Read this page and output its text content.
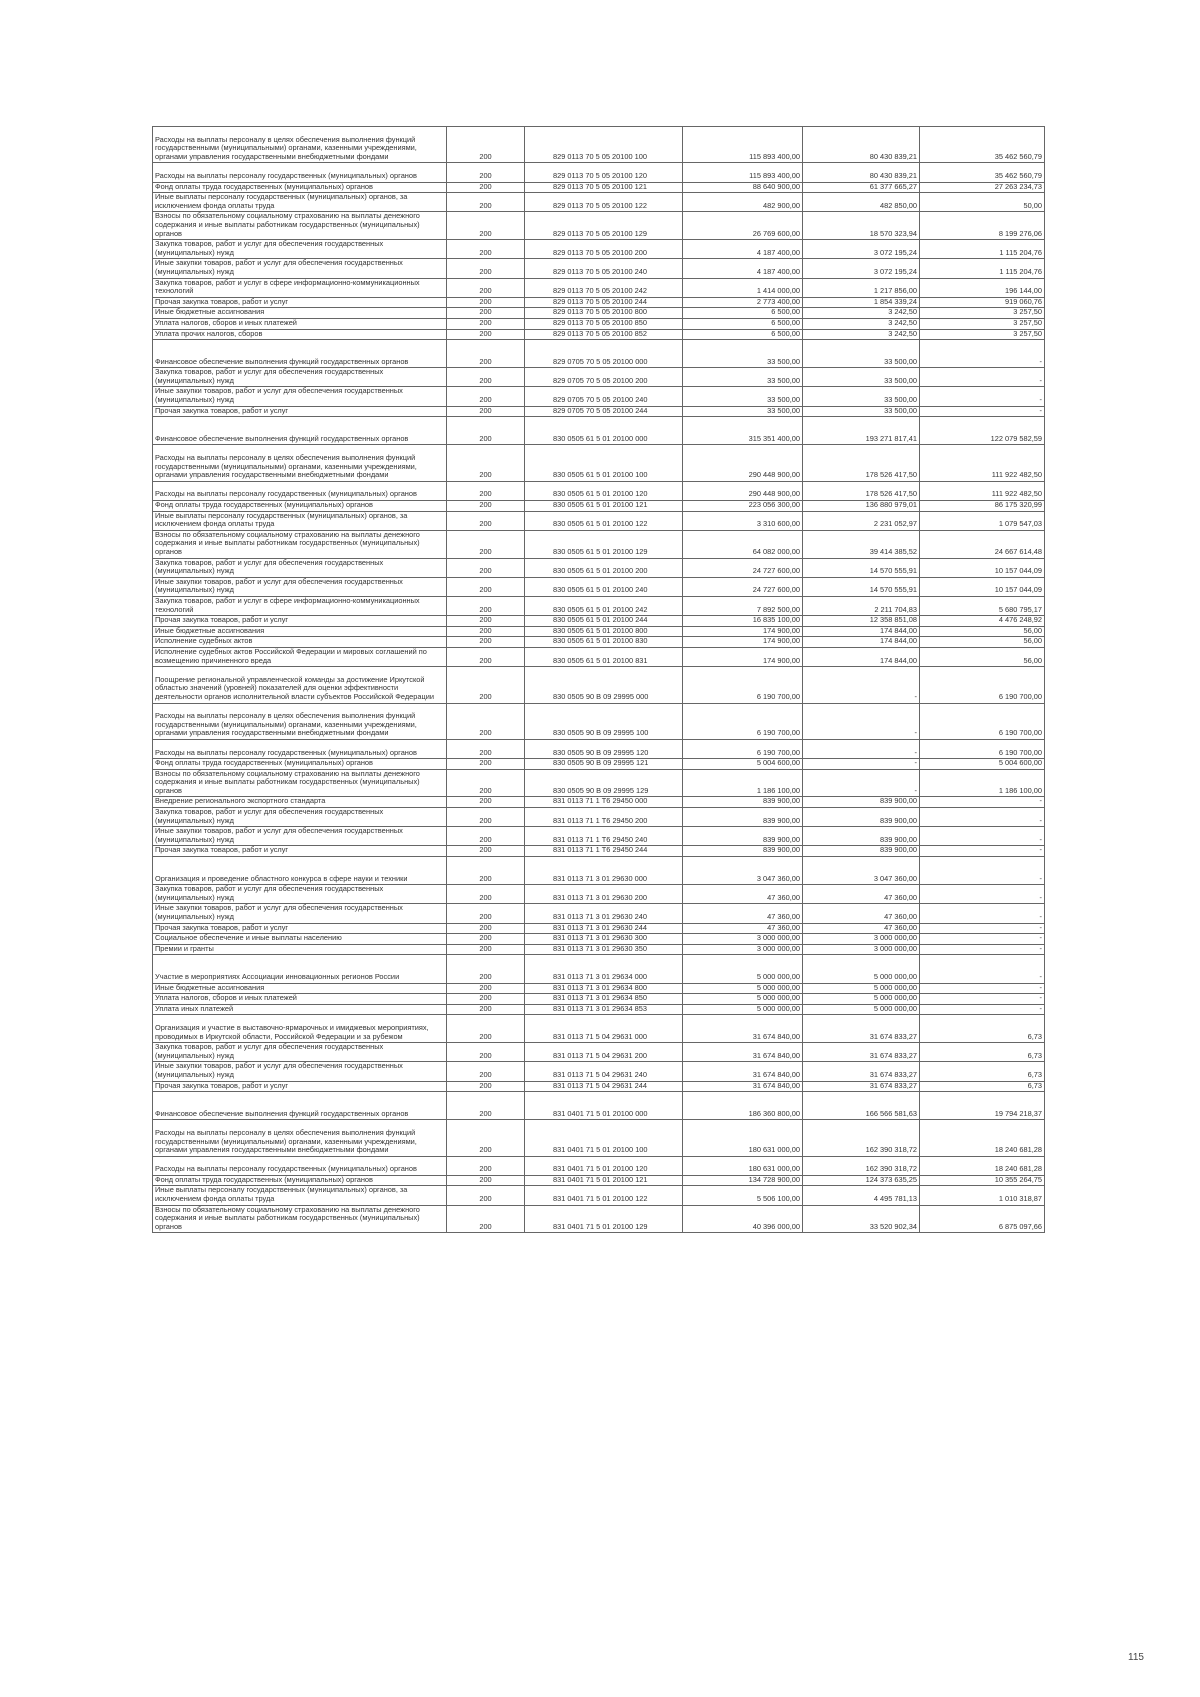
Расходы на выплаты персоналу в целях обеспечения выполнения функций государственными (муниципальными) органами, казенными учреждениями, органами управления государственными внебюджетными фондами	200	829 0113 70 5 05 20100 100	115 893 400,00	80 430 839,21	35 462 560,79
Расходы на выплаты персоналу государственных (муниципальных) органов	200	829 0113 70 5 05 20100 120	115 893 400,00	80 430 839,21	35 462 560,79
Фонд оплаты труда государственных (муниципальных) органов	200	829 0113 70 5 05 20100 121	88 640 900,00	61 377 665,27	27 263 234,73
Иные выплаты персоналу государственных (муниципальных) органов, за исключением фонда оплаты труда	200	829 0113 70 5 05 20100 122	482 900,00	482 850,00	50,00
Взносы по обязательному социальному страхованию на выплаты денежного содержания и иные выплаты работникам государственных (муниципальных) органов	200	829 0113 70 5 05 20100 129	26 769 600,00	18 570 323,94	8 199 276,06
Закупка товаров, работ и услуг для обеспечения государственных (муниципальных) нужд	200	829 0113 70 5 05 20100 200	4 187 400,00	3 072 195,24	1 115 204,76
Иные закупки товаров, работ и услуг для обеспечения государственных (муниципальных) нужд	200	829 0113 70 5 05 20100 240	4 187 400,00	3 072 195,24	1 115 204,76
Закупка товаров, работ и услуг в сфере информационно-коммуникационных технологий	200	829 0113 70 5 05 20100 242	1 414 000,00	1 217 856,00	196 144,00
Прочая закупка товаров, работ и услуг	200	829 0113 70 5 05 20100 244	2 773 400,00	1 854 339,24	919 060,76
Иные бюджетные ассигнования	200	829 0113 70 5 05 20100 800	6 500,00	3 242,50	3 257,50
Уплата налогов, сборов и иных платежей	200	829 0113 70 5 05 20100 850	6 500,00	3 242,50	3 257,50
Уплата прочих налогов, сборов	200	829 0113 70 5 05 20100 852	6 500,00	3 242,50	3 257,50
Финансовое обеспечение выполнения функций государственных органов	200	829 0705 70 5 05 20100 000	33 500,00	33 500,00	-
Закупка товаров, работ и услуг для обеспечения государственных (муниципальных) нужд	200	829 0705 70 5 05 20100 200	33 500,00	33 500,00	-
Иные закупки товаров, работ и услуг для обеспечения государственных (муниципальных) нужд	200	829 0705 70 5 05 20100 240	33 500,00	33 500,00	-
Прочая закупка товаров, работ и услуг	200	829 0705 70 5 05 20100 244	33 500,00	33 500,00	-
Финансовое обеспечение выполнения функций государственных органов	200	830 0505 61 5 01 20100 000	315 351 400,00	193 271 817,41	122 079 582,59
Расходы на выплаты персоналу в целях обеспечения выполнения функций государственными (муниципальными) органами, казенными учреждениями, органами управления государственными внебюджетными фондами	200	830 0505 61 5 01 20100 100	290 448 900,00	178 526 417,50	111 922 482,50
Расходы на выплаты персоналу государственных (муниципальных) органов	200	830 0505 61 5 01 20100 120	290 448 900,00	178 526 417,50	111 922 482,50
Фонд оплаты труда государственных (муниципальных) органов	200	830 0505 61 5 01 20100 121	223 056 300,00	136 880 979,01	86 175 320,99
Иные выплаты персоналу государственных (муниципальных) органов, за исключением фонда оплаты труда	200	830 0505 61 5 01 20100 122	3 310 600,00	2 231 052,97	1 079 547,03
Взносы по обязательному социальному страхованию на выплаты денежного содержания и иные выплаты работникам государственных (муниципальных) органов	200	830 0505 61 5 01 20100 129	64 082 000,00	39 414 385,52	24 667 614,48
Закупка товаров, работ и услуг для обеспечения государственных (муниципальных) нужд	200	830 0505 61 5 01 20100 200	24 727 600,00	14 570 555,91	10 157 044,09
Иные закупки товаров, работ и услуг для обеспечения государственных (муниципальных) нужд	200	830 0505 61 5 01 20100 240	24 727 600,00	14 570 555,91	10 157 044,09
Закупка товаров, работ и услуг в сфере информационно-коммуникационных технологий	200	830 0505 61 5 01 20100 242	7 892 500,00	2 211 704,83	5 680 795,17
Прочая закупка товаров, работ и услуг	200	830 0505 61 5 01 20100 244	16 835 100,00	12 358 851,08	4 476 248,92
Иные бюджетные ассигнования	200	830 0505 61 5 01 20100 800	174 900,00	174 844,00	56,00
Исполнение судебных актов	200	830 0505 61 5 01 20100 830	174 900,00	174 844,00	56,00
Исполнение судебных актов Российской Федерации и мировых соглашений по возмещению причиненного вреда	200	830 0505 61 5 01 20100 831	174 900,00	174 844,00	56,00
Поощрение региональной управленческой команды за достижение Иркутской областью значений (уровней) показателей для оценки эффективности деятельности органов исполнительной власти субъектов Российской Федерации	200	830 0505 90 В 09 29995 000	6 190 700,00	-	6 190 700,00
Расходы на выплаты персоналу в целях обеспечения выполнения функций государственными (муниципальными) органами, казенными учреждениями, органами управления государственными внебюджетными фондами	200	830 0505 90 В 09 29995 100	6 190 700,00	-	6 190 700,00
Расходы на выплаты персоналу государственных (муниципальных) органов	200	830 0505 90 В 09 29995 120	6 190 700,00	-	6 190 700,00
Фонд оплаты труда государственных (муниципальных) органов	200	830 0505 90 В 09 29995 121	5 004 600,00	-	5 004 600,00
Взносы по обязательному социальному страхованию на выплаты денежного содержания и иные выплаты работникам государственных (муниципальных) органов	200	830 0505 90 В 09 29995 129	1 186 100,00	-	1 186 100,00
Внедрение регионального экспортного стандарта	200	831 0113 71 1 Т6 29450 000	839 900,00	839 900,00	-
Закупка товаров, работ и услуг для обеспечения государственных (муниципальных) нужд	200	831 0113 71 1 Т6 29450 200	839 900,00	839 900,00	-
Иные закупки товаров, работ и услуг для обеспечения государственных (муниципальных) нужд	200	831 0113 71 1 Т6 29450 240	839 900,00	839 900,00	-
Прочая закупка товаров, работ и услуг	200	831 0113 71 1 Т6 29450 244	839 900,00	839 900,00	-
Организация и проведение областного конкурса в сфере науки и техники	200	831 0113 71 3 01 29630 000	3 047 360,00	3 047 360,00	-
Закупка товаров, работ и услуг для обеспечения государственных (муниципальных) нужд	200	831 0113 71 3 01 29630 200	47 360,00	47 360,00	-
Иные закупки товаров, работ и услуг для обеспечения государственных (муниципальных) нужд	200	831 0113 71 3 01 29630 240	47 360,00	47 360,00	-
Прочая закупка товаров, работ и услуг	200	831 0113 71 3 01 29630 244	47 360,00	47 360,00	-
Социальное обеспечение и иные выплаты населению	200	831 0113 71 3 01 29630 300	3 000 000,00	3 000 000,00	-
Премии и гранты	200	831 0113 71 3 01 29630 350	3 000 000,00	3 000 000,00	-
Участие в мероприятиях Ассоциации инновационных регионов России	200	831 0113 71 3 01 29634 000	5 000 000,00	5 000 000,00	-
Иные бюджетные ассигнования	200	831 0113 71 3 01 29634 800	5 000 000,00	5 000 000,00	-
Уплата налогов, сборов и иных платежей	200	831 0113 71 3 01 29634 850	5 000 000,00	5 000 000,00	-
Уплата иных платежей	200	831 0113 71 3 01 29634 853	5 000 000,00	5 000 000,00	-
Организация и участие в выставочно-ярмарочных и имиджевых мероприятиях, проводимых в Иркутской области, Российской Федерации и за рубежом	200	831 0113 71 5 04 29631 000	31 674 840,00	31 674 833,27	6,73
Закупка товаров, работ и услуг для обеспечения государственных (муниципальных) нужд	200	831 0113 71 5 04 29631 200	31 674 840,00	31 674 833,27	6,73
Иные закупки товаров, работ и услуг для обеспечения государственных (муниципальных) нужд	200	831 0113 71 5 04 29631 240	31 674 840,00	31 674 833,27	6,73
Прочая закупка товаров, работ и услуг	200	831 0113 71 5 04 29631 244	31 674 840,00	31 674 833,27	6,73
Финансовое обеспечение выполнения функций государственных органов	200	831 0401 71 5 01 20100 000	186 360 800,00	166 566 581,63	19 794 218,37
Расходы на выплаты персоналу в целях обеспечения выполнения функций государственными (муниципальными) органами, казенными учреждениями, органами управления государственными внебюджетными фондами	200	831 0401 71 5 01 20100 100	180 631 000,00	162 390 318,72	18 240 681,28
Расходы на выплаты персоналу государственных (муниципальных) органов	200	831 0401 71 5 01 20100 120	180 631 000,00	162 390 318,72	18 240 681,28
Фонд оплаты труда государственных (муниципальных) органов	200	831 0401 71 5 01 20100 121	134 728 900,00	124 373 635,25	10 355 264,75
Иные выплаты персоналу государственных (муниципальных) органов, за исключением фонда оплаты труда	200	831 0401 71 5 01 20100 122	5 506 100,00	4 495 781,13	1 010 318,87
Взносы по обязательному социальному страхованию на выплаты денежного содержания и иные выплаты работникам государственных (муниципальных) органов	200	831 0401 71 5 01 20100 129	40 396 000,00	33 520 902,34	6 875 097,66
115
